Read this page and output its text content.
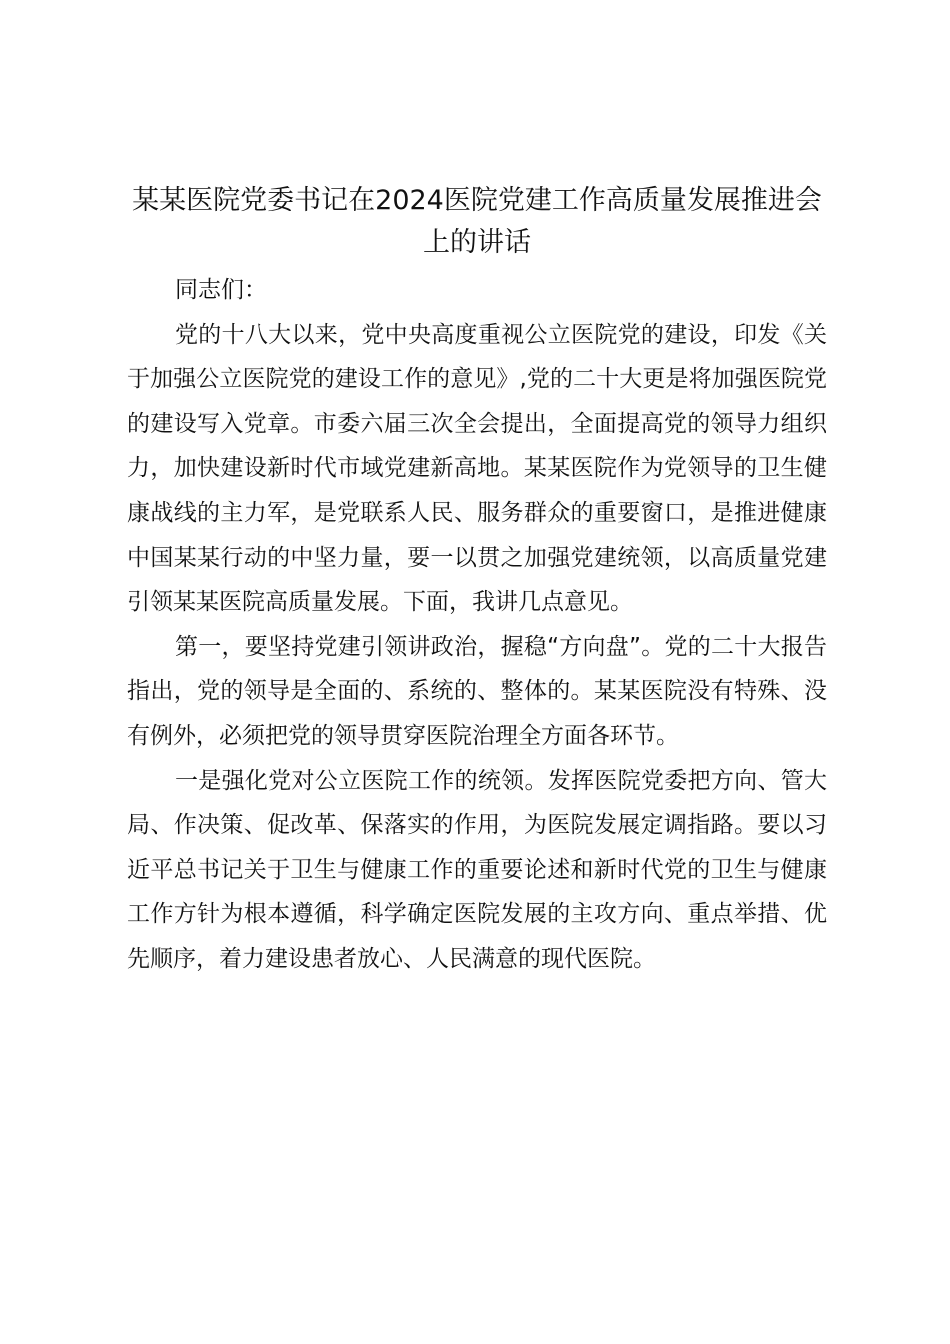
某某医院党委书记在2024医院党建工作高质量发展推进会上的讲话

同志们：

党的十八大以来，党中央高度重视公立医院党的建设，印发《关于加强公立医院党的建设工作的意见》,党的二十大更是将加强医院党的建设写入党章。市委六届三次全会提出，全面提高党的领导力组织力，加快建设新时代市域党建新高地。某某医院作为党领导的卫生健康战线的主力军，是党联系人民、服务群众的重要窗口，是推进健康中国某某行动的中坚力量，要一以贯之加强党建统领，以高质量党建引领某某医院高质量发展。下面，我讲几点意见。

第一，要坚持党建引领讲政治，握稳“方向盘”。党的二十大报告指出，党的领导是全面的、系统的、整体的。某某医院没有特殊、没有例外，必须把党的领导贯穿医院治理全方面各环节。

一是强化党对公立医院工作的统领。发挥医院党委把方向、管大局、作决策、促改革、保落实的作用，为医院发展定调指路。要以习近平总书记关于卫生与健康工作的重要论述和新时代党的卫生与健康工作方针为根本遵循，科学确定医院发展的主攻方向、重点举措、优先顺序，着力建设患者放心、人民满意的现代医院。
